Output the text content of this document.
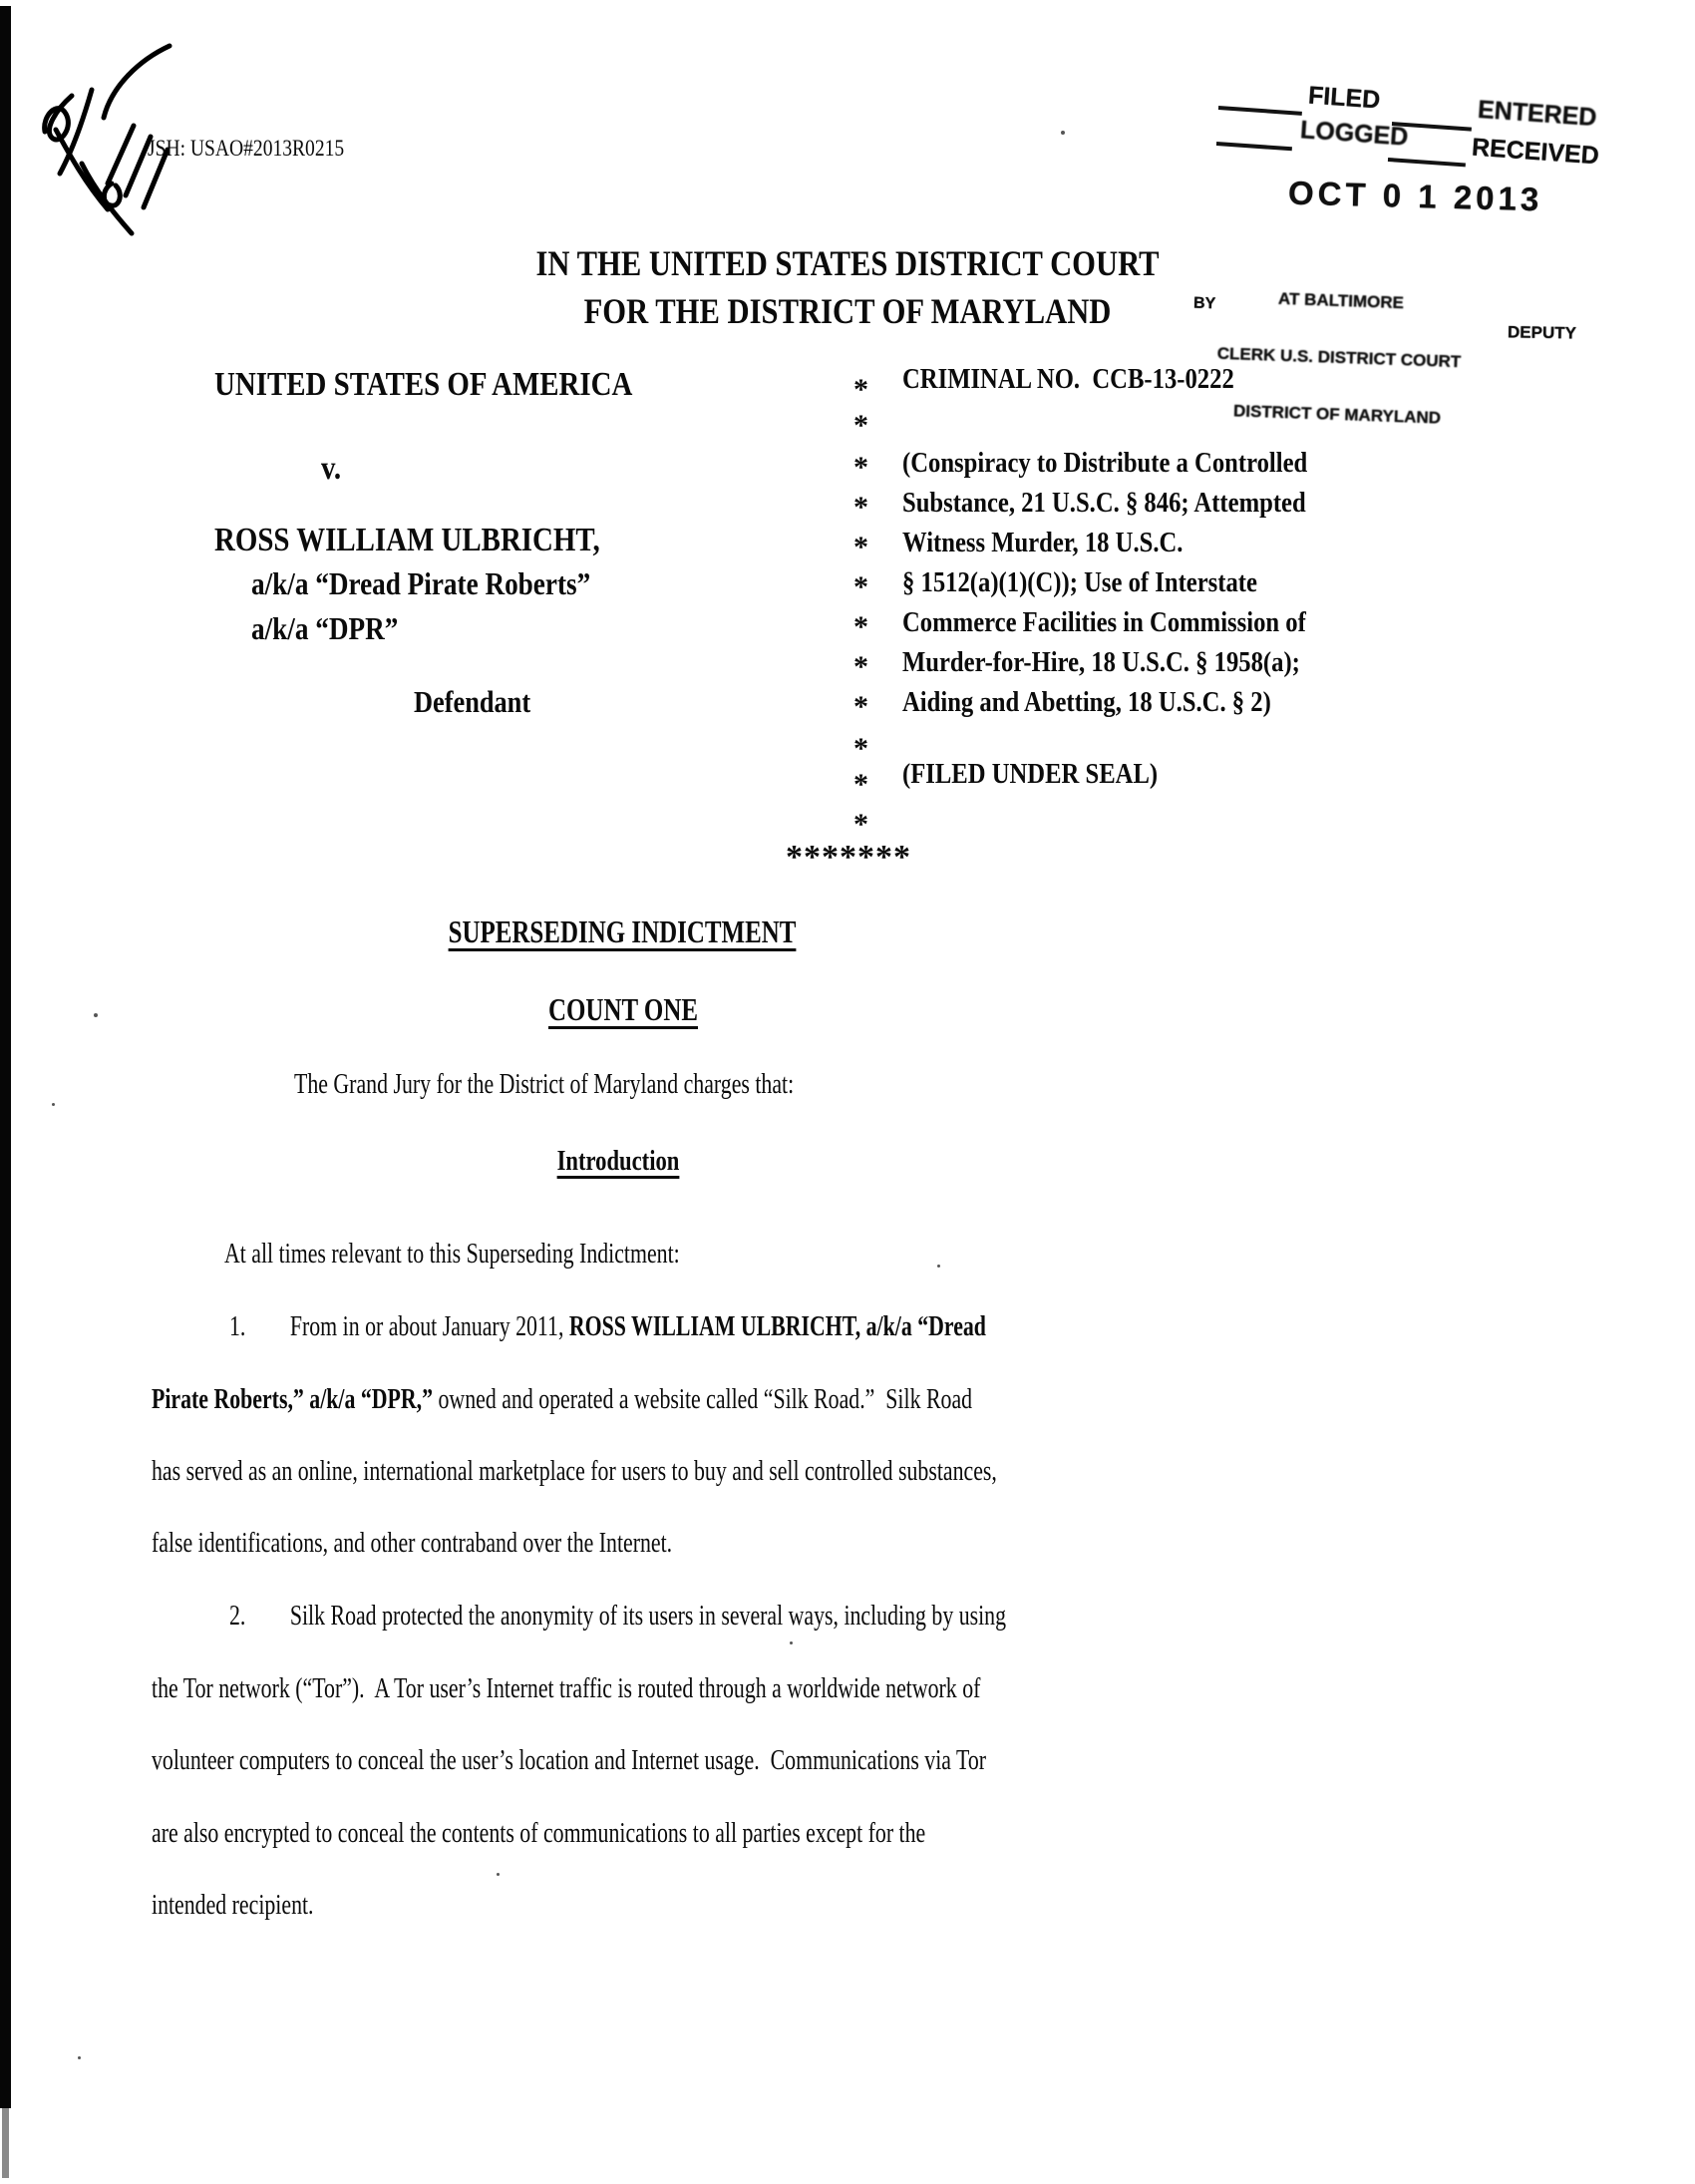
JSH: USAO#2013R0215
FILED	ENTERED
LOGGED RECEIVED
OCT 0 1 2013

AT BALTIMORE

CLERK U.S. DISTRICT COURT

DISTRICT OF MARYLAND

BY
DEPUTY
IN THE UNITED STATES DISTRICT COURT
FOR THE DISTRICT OF MARYLAND
UNITED STATES OF AMERICA
v.
ROSS WILLIAM ULBRICHT,
a/k/a “Dread Pirate Roberts”
a/k/a “DPR”
Defendant
*
*
*
*
*
*
*
*
*
*
*
*
CRIMINAL NO.  CCB-13-0222
(Conspiracy to Distribute a Controlled
Substance, 21 U.S.C. § 846; Attempted
Witness Murder, 18 U.S.C.
§ 1512(a)(1)(C)); Use of Interstate
Commerce Facilities in Commission of
Murder-for-Hire, 18 U.S.C. § 1958(a);
Aiding and Abetting, 18 U.S.C. § 2)
(FILED UNDER SEAL)
*******
SUPERSEDING INDICTMENT
COUNT ONE
The Grand Jury for the District of Maryland charges that:
Introduction
At all times relevant to this Superseding Indictment:
1. From in or about January 2011, ROSS WILLIAM ULBRICHT, a/k/a “Dread
Pirate Roberts,” a/k/a “DPR,” owned and operated a website called “Silk Road.”  Silk Road
has served as an online, international marketplace for users to buy and sell controlled substances,
false identifications, and other contraband over the Internet.
2. Silk Road protected the anonymity of its users in several ways, including by using
the Tor network (“Tor”).  A Tor user’s Internet traffic is routed through a worldwide network of
volunteer computers to conceal the user’s location and Internet usage.  Communications via Tor
are also encrypted to conceal the contents of communications to all parties except for the
intended recipient.
